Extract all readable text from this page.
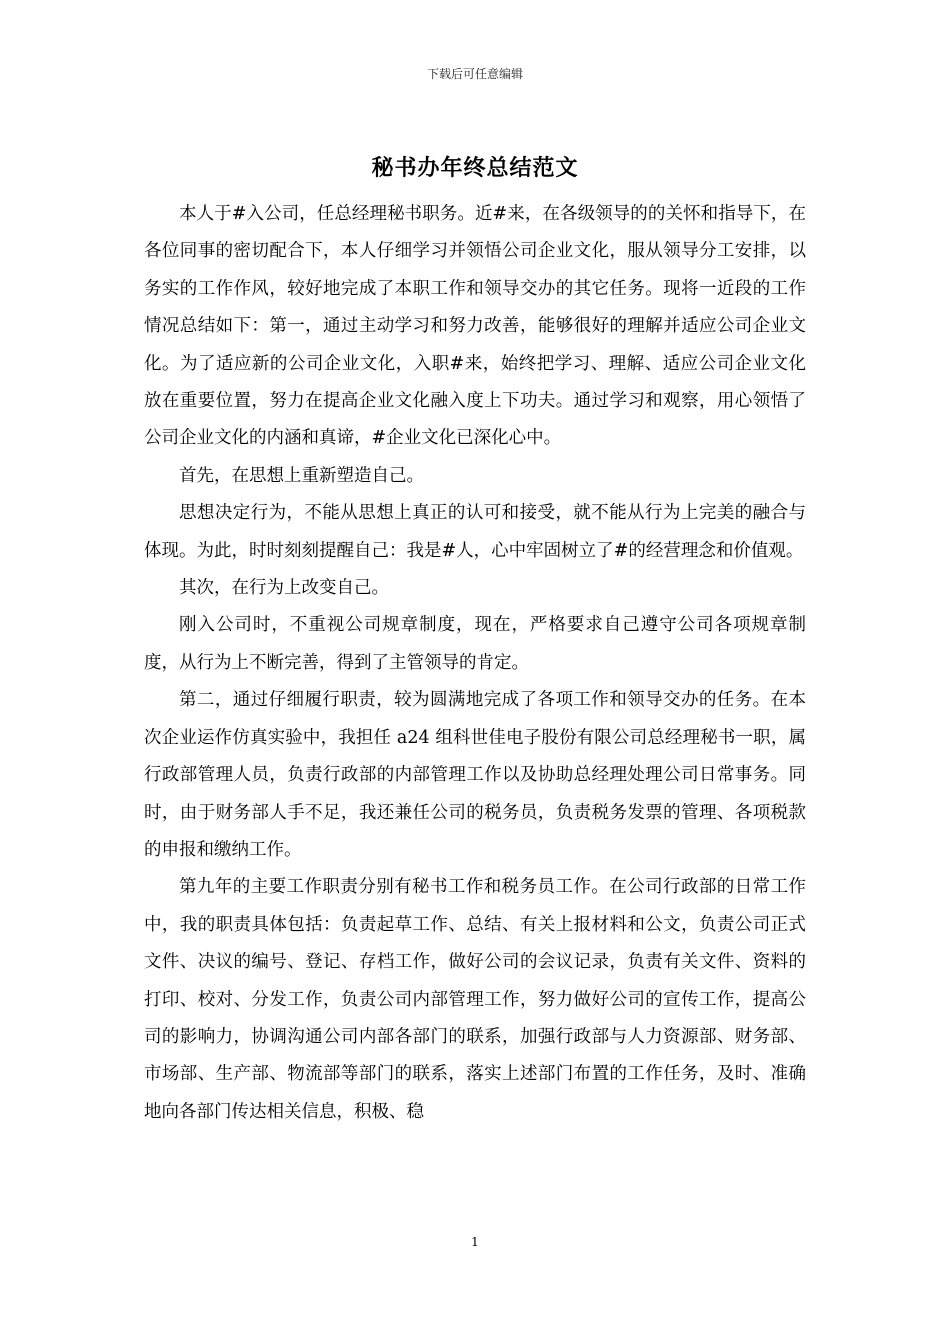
下载后可任意编辑
秘书办年终总结范文

本人于#入公司，任总经理秘书职务。近#来，在各级领导的的关怀和指导下，在各位同事的密切配合下，本人仔细学习并领悟公司企业文化，服从领导分工安排，以务实的工作作风，较好地完成了本职工作和领导交办的其它任务。现将一近段的工作情况总结如下：第一，通过主动学习和努力改善，能够很好的理解并适应公司企业文化。为了适应新的公司企业文化，入职#来，始终把学习、理解、适应公司企业文化放在重要位置，努力在提高企业文化融入度上下功夫。通过学习和观察，用心领悟了公司企业文化的内涵和真谛，#企业文化已深化心中。

首先，在思想上重新塑造自己。

思想决定行为，不能从思想上真正的认可和接受，就不能从行为上完美的融合与体现。为此，时时刻刻提醒自己：我是#人，心中牢固树立了#的经营理念和价值观。

其次，在行为上改变自己。

刚入公司时，不重视公司规章制度，现在，严格要求自己遵守公司各项规章制度，从行为上不断完善，得到了主管领导的肯定。

第二，通过仔细履行职责，较为圆满地完成了各项工作和领导交办的任务。在本次企业运作仿真实验中，我担任 a24 组科世佳电子股份有限公司总经理秘书一职，属行政部管理人员，负责行政部的内部管理工作以及协助总经理处理公司日常事务。同时，由于财务部人手不足，我还兼任公司的税务员，负责税务发票的管理、各项税款的申报和缴纳工作。

第九年的主要工作职责分别有秘书工作和税务员工作。在公司行政部的日常工作中，我的职责具体包括：负责起草工作、总结、有关上报材料和公文，负责公司正式文件、决议的编号、登记、存档工作，做好公司的会议记录，负责有关文件、资料的打印、校对、分发工作，负责公司内部管理工作，努力做好公司的宣传工作，提高公司的影响力，协调沟通公司内部各部门的联系，加强行政部与人力资源部、财务部、市场部、生产部、物流部等部门的联系，落实上述部门布置的工作任务，及时、准确地向各部门传达相关信息，积极、稳

1
